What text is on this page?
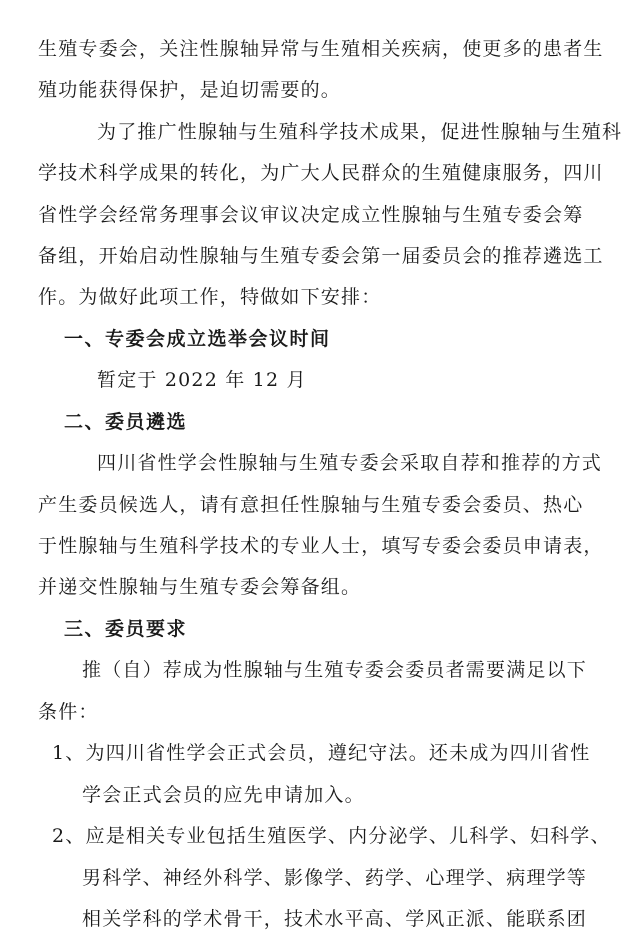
生殖专委会，关注性腺轴异常与生殖相关疾病，使更多的患者生
殖功能获得保护，是迫切需要的。
为了推广性腺轴与生殖科学技术成果，促进性腺轴与生殖科
学技术科学成果的转化，为广大人民群众的生殖健康服务，四川
省性学会经常务理事会议审议决定成立性腺轴与生殖专委会筹
备组，开始启动性腺轴与生殖专委会第一届委员会的推荐遴选工
作。为做好此项工作，特做如下安排：
一、专委会成立选举会议时间
暂定于 2022 年 12 月
二、委员遴选
四川省性学会性腺轴与生殖专委会采取自荐和推荐的方式
产生委员候选人，请有意担任性腺轴与生殖专委会委员、热心
于性腺轴与生殖科学技术的专业人士，填写专委会委员申请表，
并递交性腺轴与生殖专委会筹备组。
三、委员要求
推（自）荐成为性腺轴与生殖专委会委员者需要满足以下
条件：
1、为四川省性学会正式会员，遵纪守法。还未成为四川省性
学会正式会员的应先申请加入。
2、应是相关专业包括生殖医学、内分泌学、儿科学、妇科学、
男科学、神经外科学、影像学、药学、心理学、病理学等
相关学科的学术骨干，技术水平高、学风正派、能联系团
